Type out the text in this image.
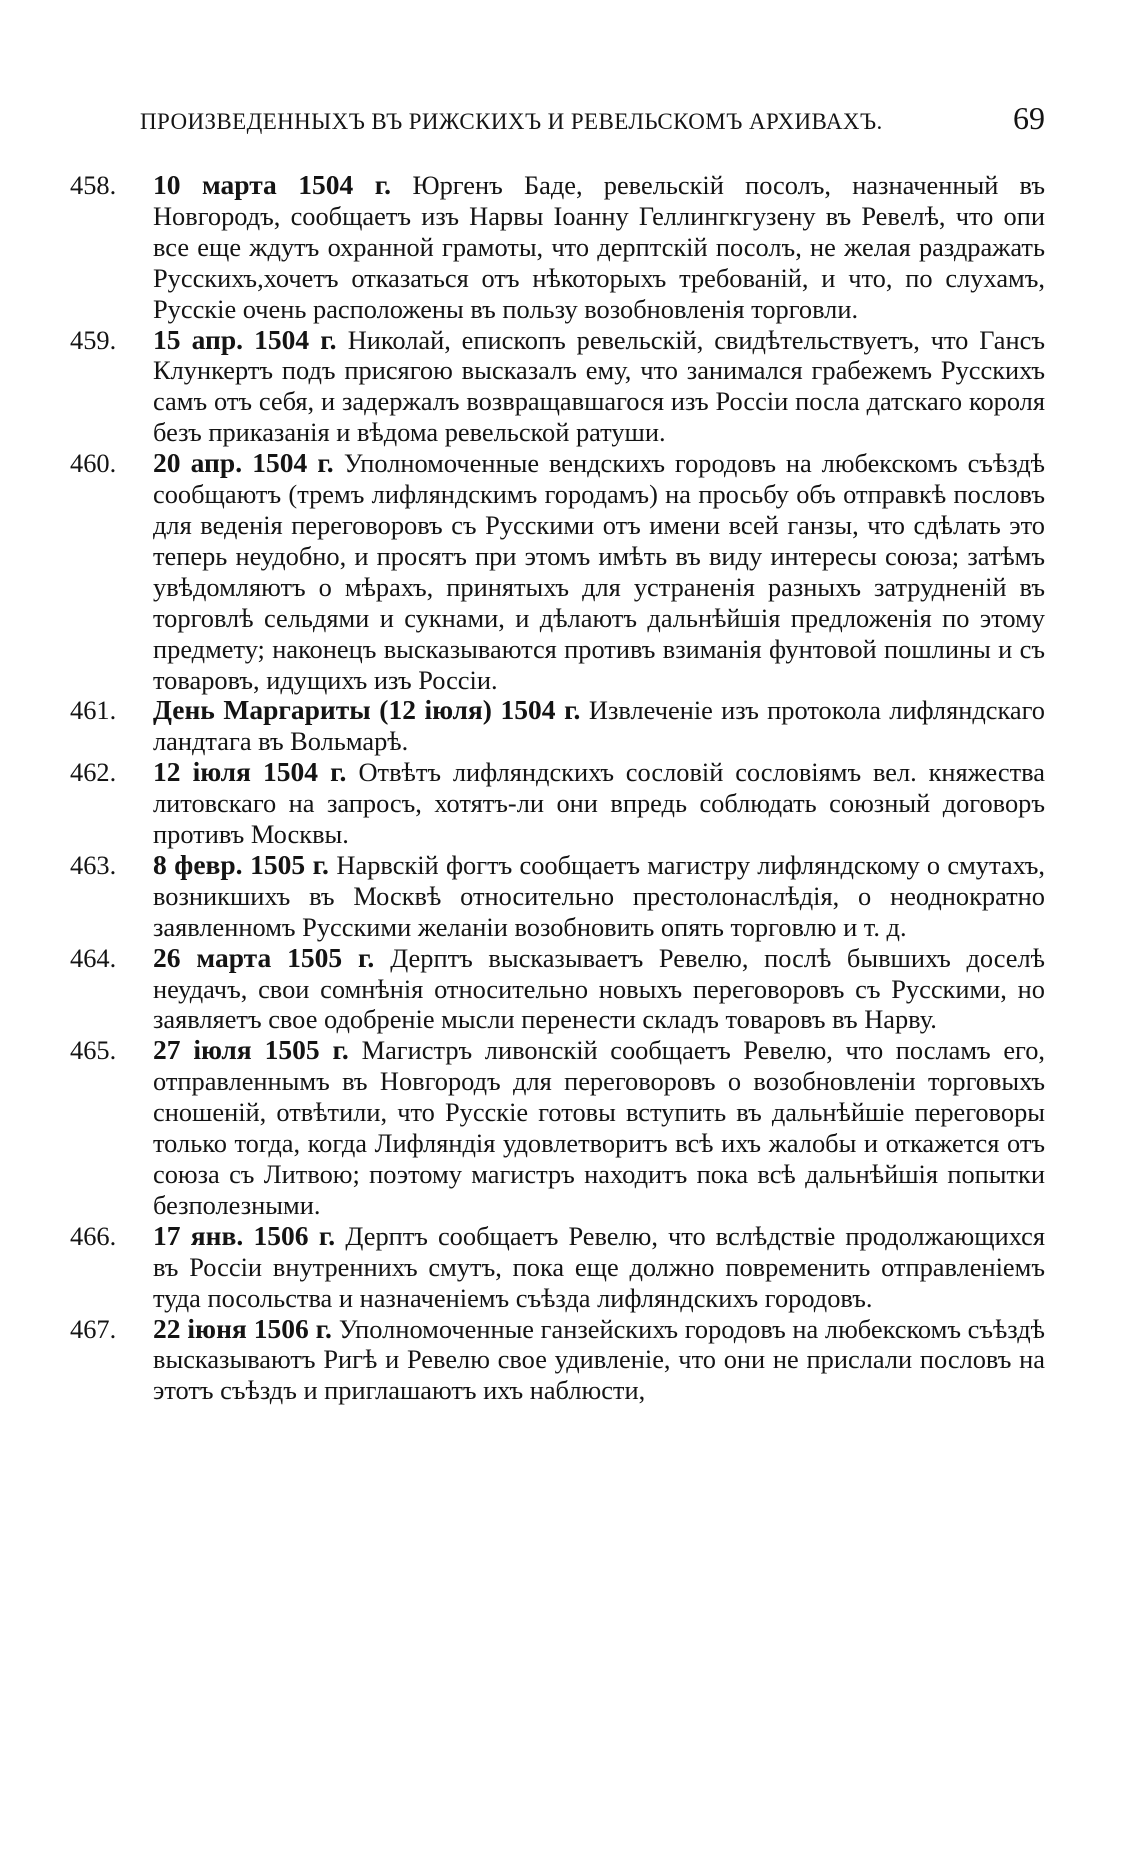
ПРОИЗВЕДЕННЫХЪ ВЪ РИЖСКИХЪ И РЕВЕЛЬСКОМЪ АРХИВАХЪ.	69

458.	10 марта 1504 г. Юргенъ Баде, ревельскій посолъ, назначенный въ Новгородъ, сообщаетъ изъ Нарвы Іоанну Геллингкгузену въ Ревелѣ, что опи все еще ждутъ охранной грамоты, что дерптскій посолъ, не желая раздражать Русскихъ,хочетъ отказаться отъ нѣкоторыхъ требованій, и что, по слухамъ, Русскіе очень расположены въ пользу возобновленія торговли.

459.	15 апр. 1504 г. Николай, епископъ ревельскій, свидѣтельствуетъ, что Гансъ Клункертъ подъ присягою высказалъ ему, что занимался грабежемъ Русскихъ самъ отъ себя, и задержалъ возвращавшагося изъ Россіи посла датскаго короля безъ приказанія и вѣдома ревельской ратуши.

460.	20 апр. 1504 г. Уполномоченные вендскихъ городовъ на любекскомъ съѣздѣ сообщаютъ (тремъ лифляндскимъ городамъ) на просьбу объ отправкѣ пословъ для веденія переговоровъ съ Русскими отъ имени всей ганзы, что сдѣлать это теперь неудобно, и просятъ при этомъ имѣть въ виду интересы союза; затѣмъ увѣдомляютъ о мѣрахъ, принятыхъ для устраненія разныхъ затрудненій въ торговлѣ сельдями и сукнами, и дѣлаютъ дальнѣйшія предложенія по этому предмету; наконецъ высказываются противъ взиманія фунтовой пошлины и съ товаровъ, идущихъ изъ Россіи.

461.	День Маргариты (12 іюля) 1504 г. Извлеченіе изъ протокола лифляндскаго ландтага въ Вольмарѣ.

462.	12 іюля 1504 г. Отвѣтъ лифляндскихъ сословій сословіямъ вел. княжества литовскаго на запросъ, хотятъ-ли они впредь соблюдать союзный договоръ противъ Москвы.

463.	8 февр. 1505 г. Нарвскій фогтъ сообщаетъ магистру лифляндскому о смутахъ, возникшихъ въ Москвѣ относительно престолонаслѣдія, о неоднократно заявленномъ Русскими желаніи возобновить опять торговлю и т. д.

464.	26 марта 1505 г. Дерптъ высказываетъ Ревелю, послѣ бывшихъ доселѣ неудачъ, свои сомнѣнія относительно новыхъ переговоровъ съ Русскими, но заявляетъ свое одобреніе мысли перенести складъ товаровъ въ Нарву.

465.	27 іюля 1505 г. Магистръ ливонскій сообщаетъ Ревелю, что посламъ его, отправленнымъ въ Новгородъ для переговоровъ о возобновленіи торговыхъ сношеній, отвѣтили, что Русскіе готовы вступить въ дальнѣйшіе переговоры только тогда, когда Лифляндія удовлетворитъ всѣ ихъ жалобы и откажется отъ союза съ Литвою; поэтому магистръ находитъ пока всѣ дальнѣйшія попытки безполезными.

466.	17 янв. 1506 г. Дерптъ сообщаетъ Ревелю, что вслѣдствіе продолжающихся въ Россіи внутреннихъ смутъ, пока еще должно повременить отправленіемъ туда посольства и назначеніемъ съѣзда лифляндскихъ городовъ.

467.	22 іюня 1506 г. Уполномоченные ганзейскихъ городовъ на любекскомъ съѣздѣ высказываютъ Ригѣ и Ревелю свое удивленіе, что они не прислали пословъ на этотъ съѣздъ и приглашаютъ ихъ наблюсти,
